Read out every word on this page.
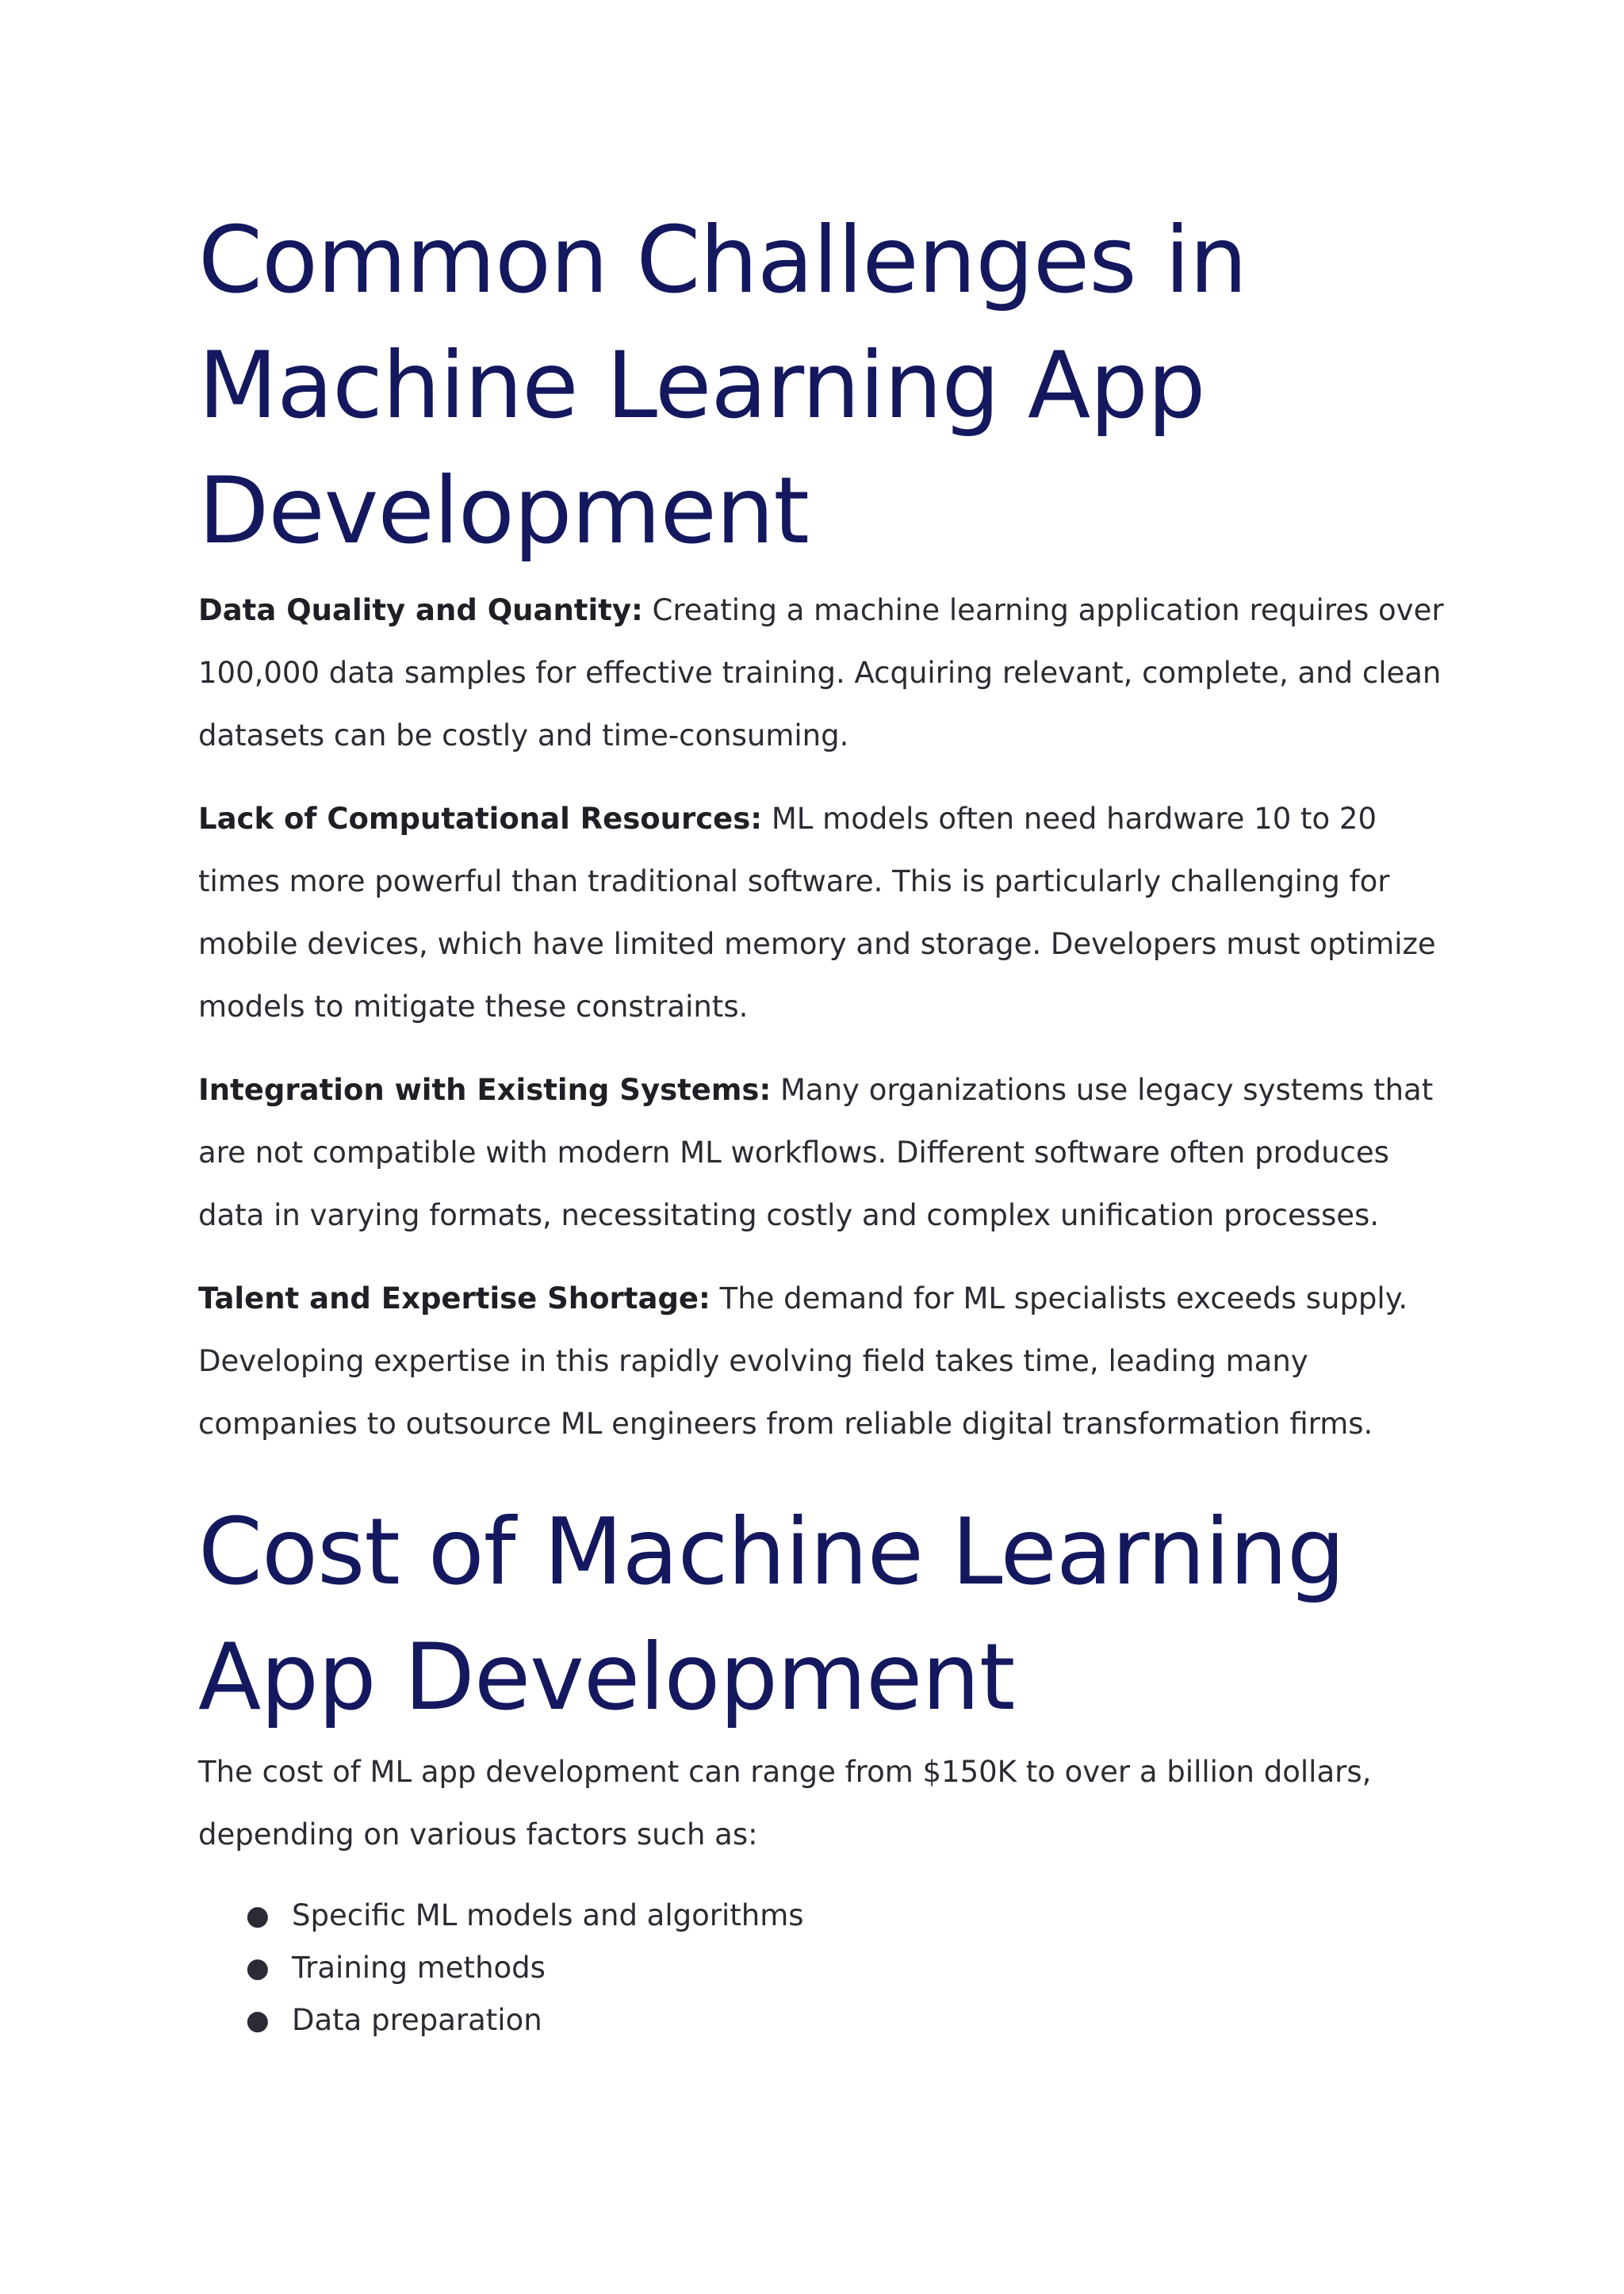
Common Challenges in Machine Learning App Development

Data Quality and Quantity: Creating a machine learning application requires over 100,000 data samples for effective training. Acquiring relevant, complete, and clean datasets can be costly and time-consuming.

Lack of Computational Resources: ML models often need hardware 10 to 20 times more powerful than traditional software. This is particularly challenging for mobile devices, which have limited memory and storage. Developers must optimize models to mitigate these constraints.

Integration with Existing Systems: Many organizations use legacy systems that are not compatible with modern ML workflows. Different software often produces data in varying formats, necessitating costly and complex unification processes.

Talent and Expertise Shortage: The demand for ML specialists exceeds supply. Developing expertise in this rapidly evolving field takes time, leading many companies to outsource ML engineers from reliable digital transformation firms.

Cost of Machine Learning App Development

The cost of ML app development can range from $150K to over a billion dollars, depending on various factors such as:

● Specific ML models and algorithms
● Training methods
● Data preparation
